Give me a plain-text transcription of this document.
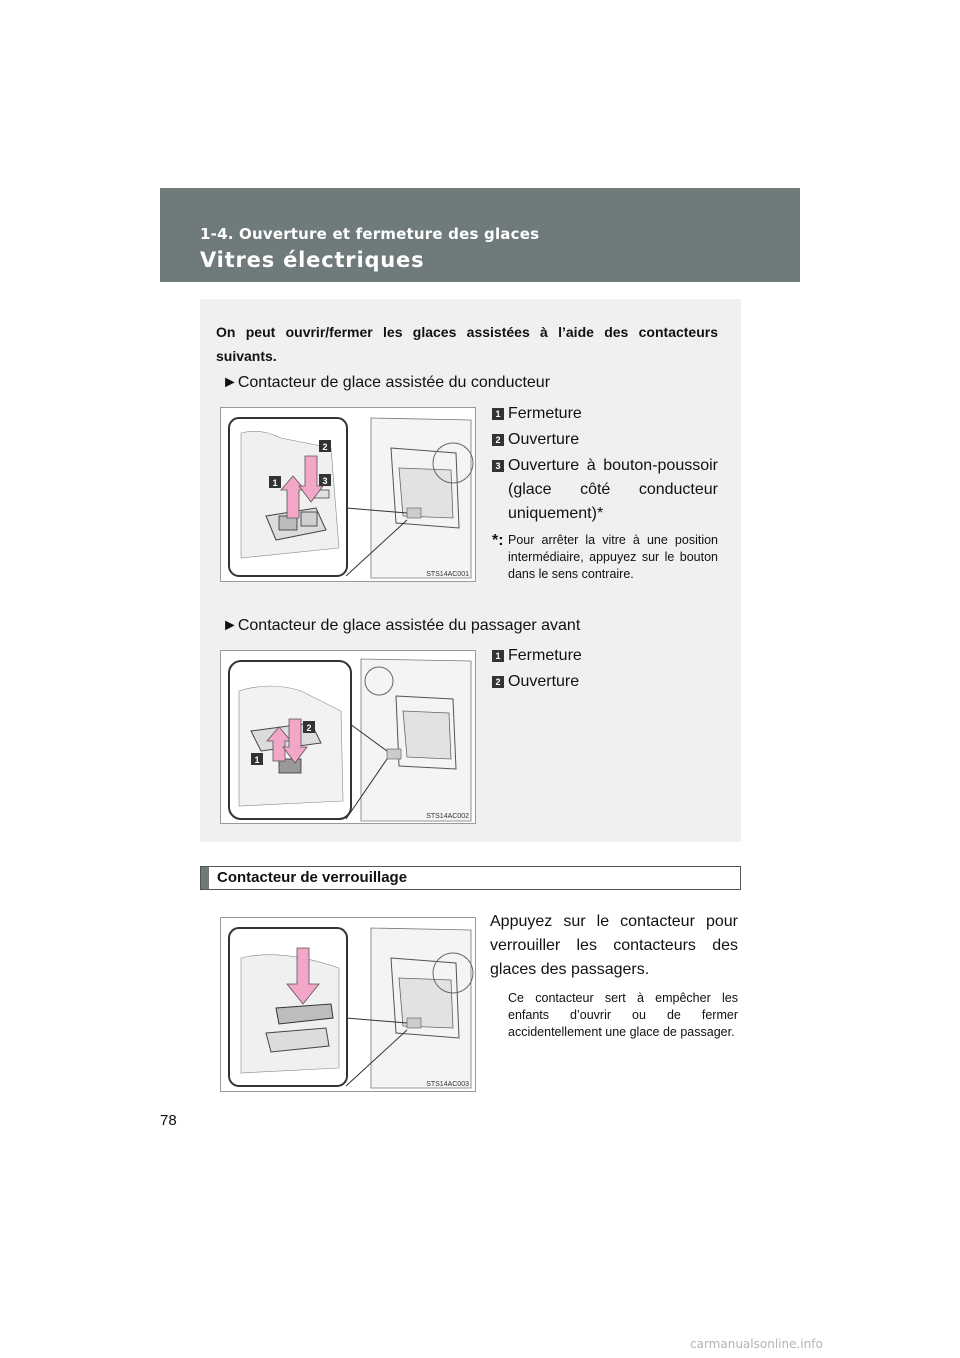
1-4. Ouverture et fermeture des glaces
Vitres électriques
On peut ouvrir/fermer les glaces assistées à l’aide des contacteurs suivants.
►Contacteur de glace assistée du conducteur
1
2
3
STS14AC001
1 Fermeture
2 Ouverture
3 Ouverture à bouton-poussoir (glace côté conducteur uniquement)*
*: Pour arrêter la vitre à une position intermédiaire, appuyez sur le bouton dans le sens contraire.
►Contacteur de glace assistée du passager avant
1
2
STS14AC002
1 Fermeture
2 Ouverture
Contacteur de verrouillage
STS14AC003
Appuyez sur le contacteur pour verrouiller les contacteurs des glaces des passagers.
Ce contacteur sert à empêcher les enfants d’ouvrir ou de fermer accidentellement une glace de passager.
78
carmanualsonline.info
